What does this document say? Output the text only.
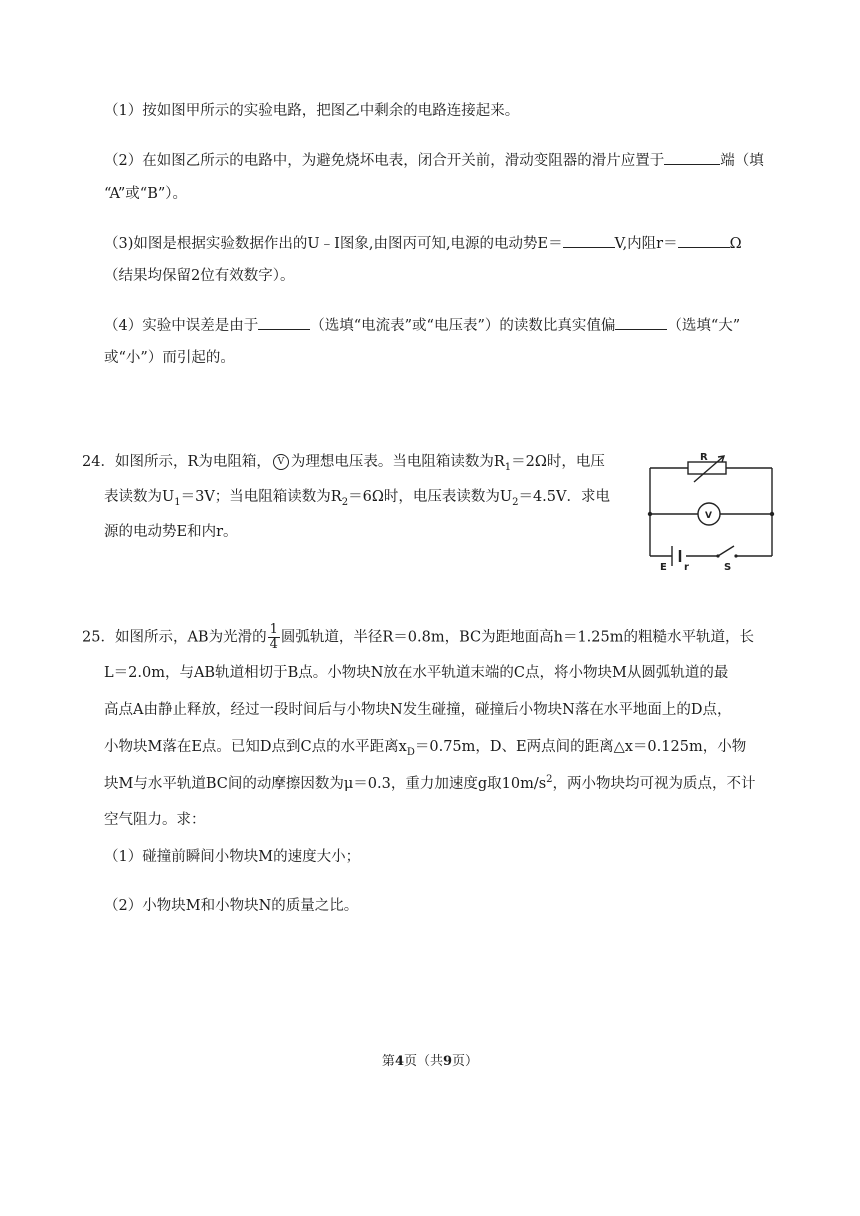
（1）按如图甲所示的实验电路，把图乙中剩余的电路连接起来。
（2）在如图乙所示的电路中，为避免烧坏电表，闭合开关前，滑动变阻器的滑片应置于	端（填
“A”或“B”）。
（3)如图是根据实验数据作出的U﹣I图象,由图丙可知,电源的电动势E＝	V,内阻r＝	Ω
（结果均保留2位有效数字）。
（4）实验中误差是由于	（选填“电流表”或“电压表”）的读数比真实值偏	（选填“大”
或“小”）而引起的。
24．如图所示，R为电阻箱， V 为理想电压表。当电阻箱读数为$R_1=2\Omega$时，电压
表读数为$U_1=3V$；当电阻箱读数为$R_2=6\Omega$时，电压表读数为$U_2=4.5V$．求电
源的电动势E和内r。
R
V
E r	S
25．如图所示，AB为光滑的 $\frac{1}{4}$ 圆弧轨道，半径R＝0.8m，BC为距地面高h＝1.25m的粗糙水平轨道，长
L＝2.0m，与AB轨道相切于B点。小物块N放在水平轨道末端的C点，将小物块M从圆弧轨道的最
高点A由静止释放，经过一段时间后与小物块N发生碰撞，碰撞后小物块N落在水平地面上的D点，
小物块M落在E点。已知D点到C点的水平距离$x_D=0.75m$，D、E两点间的距离△x＝0.125m，小物
块M与水平轨道BC间的动摩擦因数为μ＝0.3，重力加速度g取$10m/s^2$，两小物块均可视为质点，不计
空气阻力。求：
（1）碰撞前瞬间小物块M的速度大小；
（2）小物块M和小物块N的质量之比。
第4页（共9页）
